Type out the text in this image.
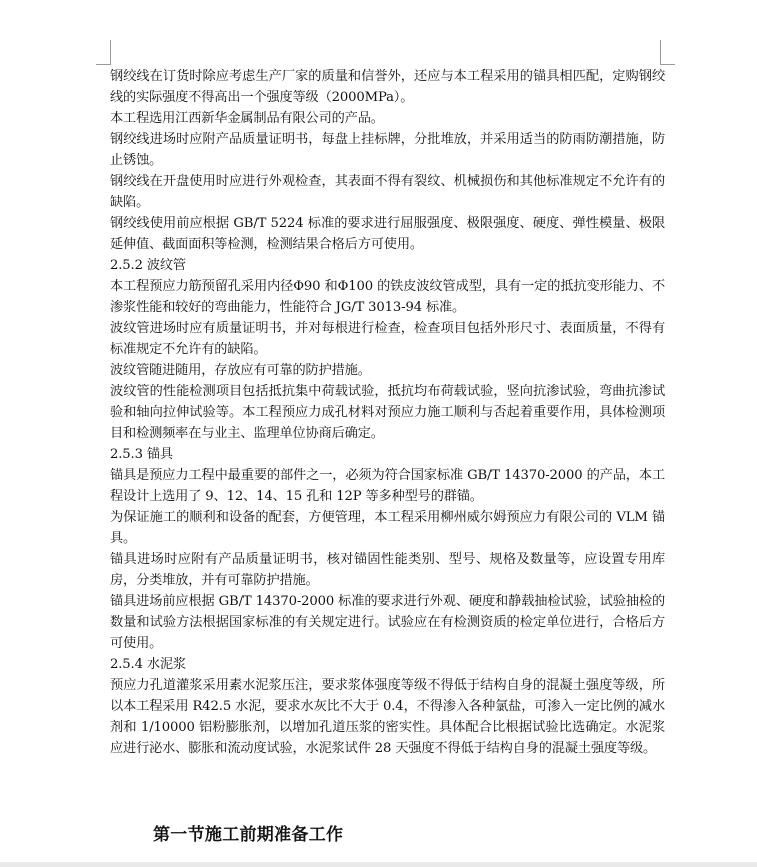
钢绞线在订货时除应考虑生产厂家的质量和信誉外，还应与本工程采用的锚具相匹配，定购钢绞线的实际强度不得高出一个强度等级（2000MPa）。

本工程选用江西新华金属制品有限公司的产品。

钢绞线进场时应附产品质量证明书，每盘上挂标牌，分批堆放，并采用适当的防雨防潮措施，防止锈蚀。

钢绞线在开盘使用时应进行外观检查，其表面不得有裂纹、机械损伤和其他标准规定不允许有的缺陷。

钢绞线使用前应根据 GB/T 5224 标准的要求进行屈服强度、极限强度、硬度、弹性模量、极限延伸值、截面面积等检测，检测结果合格后方可使用。

2.5.2 波纹管

本工程预应力筋预留孔采用内径Φ90 和Φ100 的铁皮波纹管成型，具有一定的抵抗变形能力、不渗浆性能和较好的弯曲能力，性能符合 JG/T 3013-94 标准。

波纹管进场时应有质量证明书，并对每根进行检查，检查项目包括外形尺寸、表面质量，不得有标准规定不允许有的缺陷。

波纹管随进随用，存放应有可靠的防护措施。

波纹管的性能检测项目包括抵抗集中荷载试验，抵抗均布荷载试验，竖向抗渗试验，弯曲抗渗试验和轴向拉伸试验等。本工程预应力成孔材料对预应力施工顺利与否起着重要作用，具体检测项目和检测频率在与业主、监理单位协商后确定。

2.5.3 锚具

锚具是预应力工程中最重要的部件之一，必须为符合国家标准 GB/T 14370-2000 的产品，本工程设计上选用了 9、12、14、15 孔和 12P 等多种型号的群锚。

为保证施工的顺利和设备的配套，方便管理，本工程采用柳州威尔姆预应力有限公司的 VLM 锚具。

锚具进场时应附有产品质量证明书，核对锚固性能类别、型号、规格及数量等，应设置专用库房，分类堆放，并有可靠防护措施。

锚具进场前应根据 GB/T 14370-2000 标准的要求进行外观、硬度和静载抽检试验，试验抽检的数量和试验方法根据国家标准的有关规定进行。试验应在有检测资质的检定单位进行，合格后方可使用。

2.5.4 水泥浆

预应力孔道灌浆采用素水泥浆压注，要求浆体强度等级不得低于结构自身的混凝土强度等级，所以本工程采用 R42.5 水泥，要求水灰比不大于 0.4，不得渗入各种氯盐，可渗入一定比例的减水剂和 1/10000 铝粉膨胀剂，以增加孔道压浆的密实性。具体配合比根据试验比选确定。水泥浆应进行泌水、膨胀和流动度试验，水泥浆试件 28 天强度不得低于结构自身的混凝土强度等级。

第一节施工前期准备工作
